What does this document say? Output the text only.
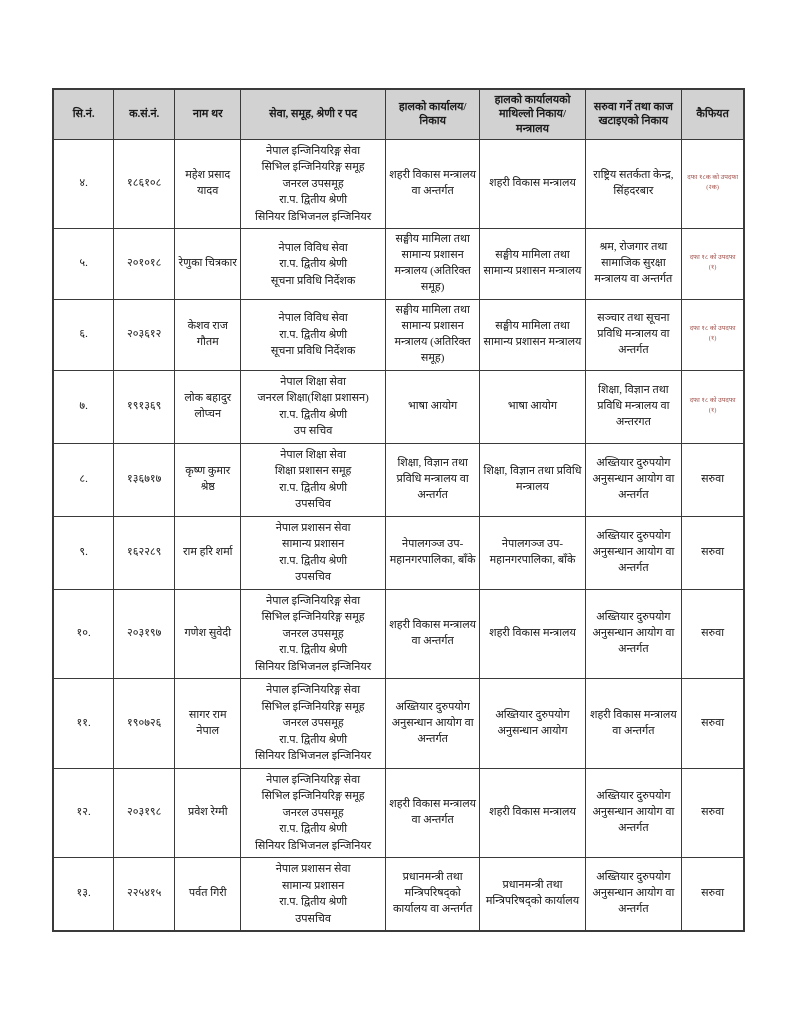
सि.नं.	क.सं.नं.	नाम थर	सेवा, समूह, श्रेणी र पद	हालको कार्यालय/निकाय	हालको कार्यालयको माथिल्लो निकाय/मन्त्रालय	सरुवा गर्ने तथा काज खटाइएको निकाय	कैफियत
४.	१८६१०८	महेश प्रसाद यादव	नेपाल इन्जिनियरिङ्ग सेवा
सिभिल इन्जिनियरिङ्ग समूह
जनरल उपसमूह
रा.प. द्वितीय श्रेणी
सिनियर डिभिजनल इन्जिनियर	शहरी विकास मन्त्रालय वा अन्तर्गत	शहरी विकास मन्त्रालय	राष्ट्रिय सतर्कता केन्द्र, सिंहदरबार	दफा १८क को उपदफा (२क)
५.	२०१०१८	रेणुका चित्रकार	नेपाल विविध सेवा
रा.प. द्वितीय श्रेणी
सूचना प्रविधि निर्देशक	सङ्घीय मामिला तथा सामान्य प्रशासन मन्त्रालय (अतिरिक्त समूह)	सङ्घीय मामिला तथा सामान्य प्रशासन मन्त्रालय	श्रम, रोजगार तथा सामाजिक सुरक्षा मन्त्रालय वा अन्तर्गत	दफा १८ को उपदफा (१)
६.	२०३६१२	केशव राज गौतम	नेपाल विविध सेवा
रा.प. द्वितीय श्रेणी
सूचना प्रविधि निर्देशक	सङ्घीय मामिला तथा सामान्य प्रशासन मन्त्रालय (अतिरिक्त समूह)	सङ्घीय मामिला तथा सामान्य प्रशासन मन्त्रालय	सञ्चार तथा सूचना प्रविधि मन्त्रालय वा अन्तर्गत	दफा १८ को उपदफा (१)
७.	१९१३६९	लोक बहादुर लोप्चन	नेपाल शिक्षा सेवा
जनरल शिक्षा(शिक्षा प्रशासन)
रा.प. द्वितीय श्रेणी
उप सचिव	भाषा आयोग	भाषा आयोग	शिक्षा, विज्ञान तथा प्रविधि मन्त्रालय वा अन्तरगत	दफा १८ को उपदफा (१)
८.	१३६७१७	कृष्ण कुमार श्रेष्ठ	नेपाल शिक्षा सेवा
शिक्षा प्रशासन समूह
रा.प. द्वितीय श्रेणी
उपसचिव	शिक्षा, विज्ञान तथा प्रविधि मन्त्रालय वा अन्तर्गत	शिक्षा, विज्ञान तथा प्रविधि मन्त्रालय	अख्तियार दुरुपयोग अनुसन्धान आयोग वा अन्तर्गत	सरुवा
९.	१६२२८९	राम हरि शर्मा	नेपाल प्रशासन सेवा
सामान्य प्रशासन
रा.प. द्वितीय श्रेणी
उपसचिव	नेपालगञ्ज उप-महानगरपालिका, बाँके	नेपालगञ्ज उप-महानगरपालिका, बाँके	अख्तियार दुरुपयोग अनुसन्धान आयोग वा अन्तर्गत	सरुवा
१०.	२०३१९७	गणेश सुवेदी	नेपाल इन्जिनियरिङ्ग सेवा
सिभिल इन्जिनियरिङ्ग समूह
जनरल उपसमूह
रा.प. द्वितीय श्रेणी
सिनियर डिभिजनल इन्जिनियर	शहरी विकास मन्त्रालय वा अन्तर्गत	शहरी विकास मन्त्रालय	अख्तियार दुरुपयोग अनुसन्धान आयोग वा अन्तर्गत	सरुवा
११.	१९०७२६	सागर राम नेपाल	नेपाल इन्जिनियरिङ्ग सेवा
सिभिल इन्जिनियरिङ्ग समूह
जनरल उपसमूह
रा.प. द्वितीय श्रेणी
सिनियर डिभिजनल इन्जिनियर	अख्तियार दुरुपयोग अनुसन्धान आयोग वा अन्तर्गत	अख्तियार दुरुपयोग अनुसन्धान आयोग	शहरी विकास मन्त्रालय वा अन्तर्गत	सरुवा
१२.	२०३१९८	प्रवेश रेग्मी	नेपाल इन्जिनियरिङ्ग सेवा
सिभिल इन्जिनियरिङ्ग समूह
जनरल उपसमूह
रा.प. द्वितीय श्रेणी
सिनियर डिभिजनल इन्जिनियर	शहरी विकास मन्त्रालय वा अन्तर्गत	शहरी विकास मन्त्रालय	अख्तियार दुरुपयोग अनुसन्धान आयोग वा अन्तर्गत	सरुवा
१३.	२२५४१५	पर्वत गिरी	नेपाल प्रशासन सेवा
सामान्य प्रशासन
रा.प. द्वितीय श्रेणी
उपसचिव	प्रधानमन्त्री तथा मन्त्रिपरिषद्को कार्यालय वा अन्तर्गत	प्रधानमन्त्री तथा मन्त्रिपरिषद्को कार्यालय	अख्तियार दुरुपयोग अनुसन्धान आयोग वा अन्तर्गत	सरुवा
